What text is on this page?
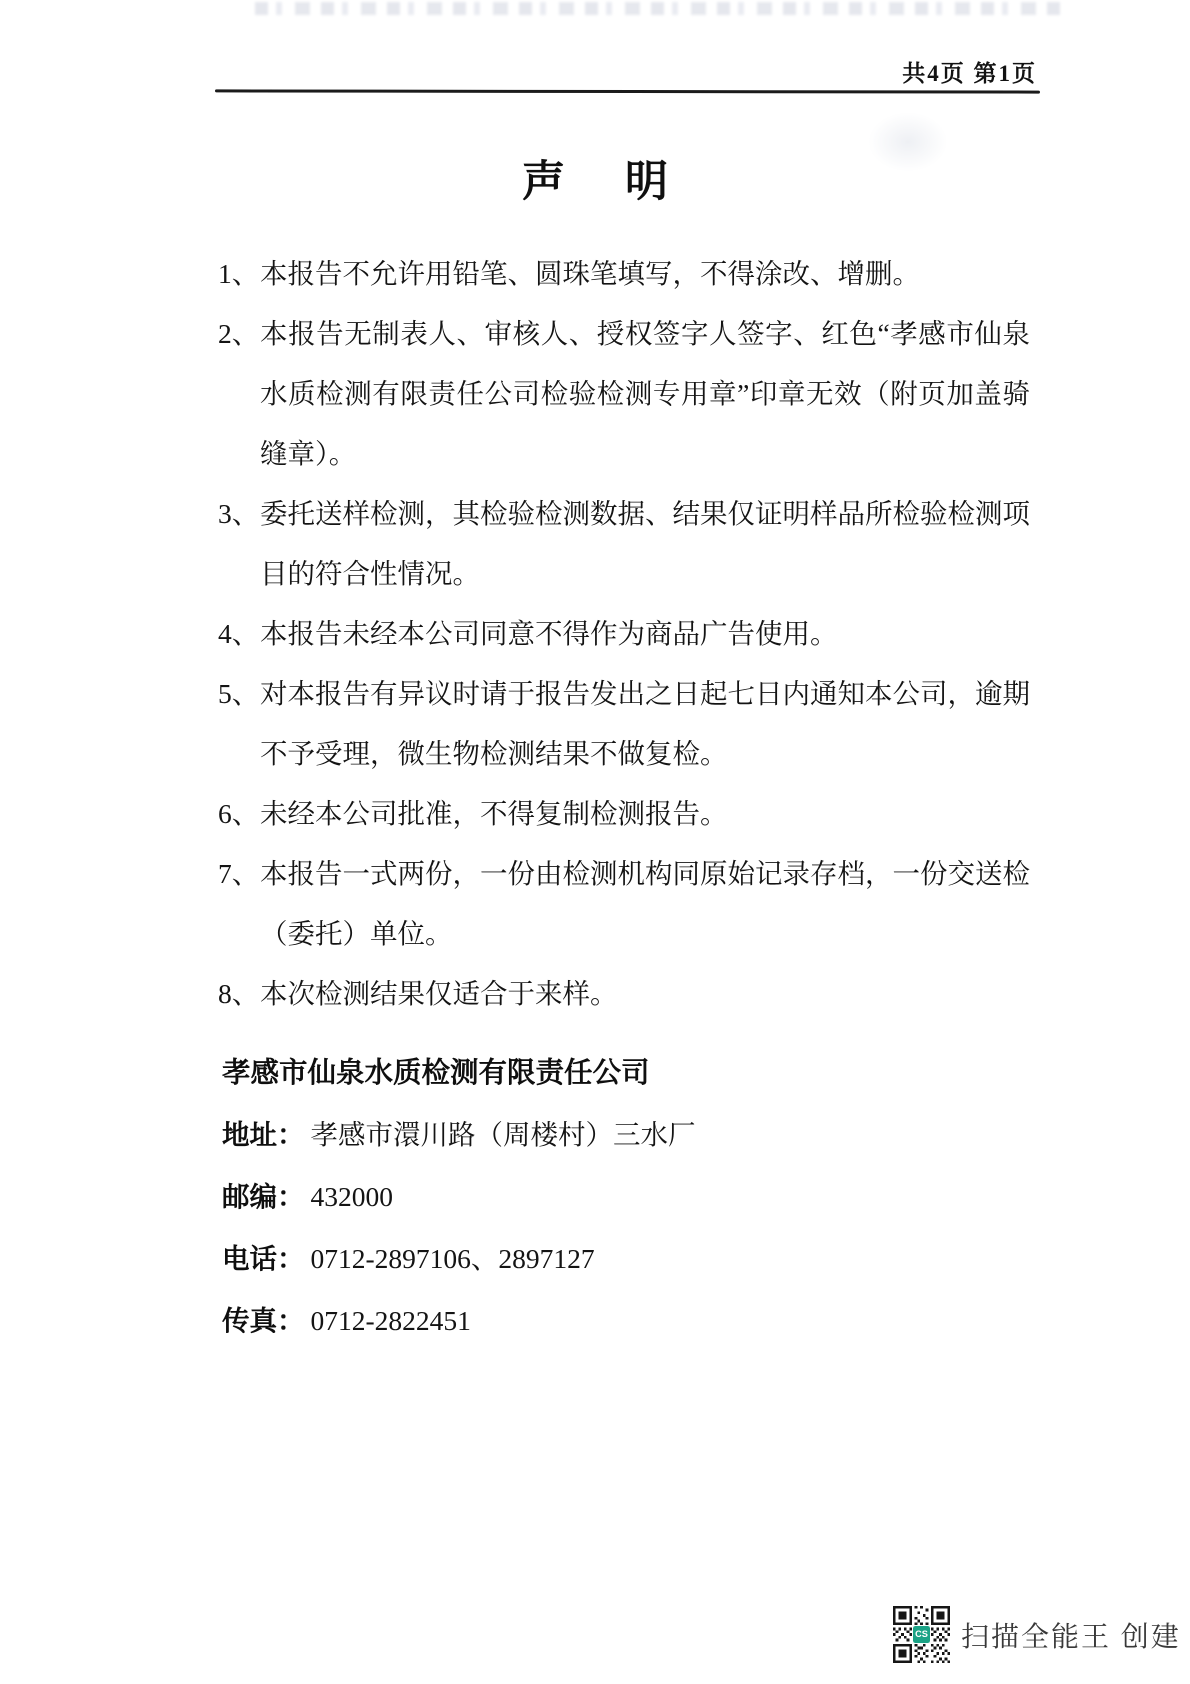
共4页 第1页
声明
1、 本报告不允许用铅笔、圆珠笔填写，不得涂改、增删。
2、 本报告无制表人、审核人、授权签字人签字、红色“孝感市仙泉
水质检测有限责任公司检验检测专用章”印章无效（附页加盖骑
缝章）。
3、 委托送样检测，其检验检测数据、结果仅证明样品所检验检测项
目的符合性情况。
4、 本报告未经本公司同意不得作为商品广告使用。
5、 对本报告有异议时请于报告发出之日起七日内通知本公司，逾期
不予受理，微生物检测结果不做复检。
6、 未经本公司批准，不得复制检测报告。
7、 本报告一式两份，一份由检测机构同原始记录存档，一份交送检
（委托）单位。
8、 本次检测结果仅适合于来样。
孝感市仙泉水质检测有限责任公司
地址： 孝感市澴川路（周楼村）三水厂
邮编： 432000
电话： 0712-2897106、2897127
传真： 0712-2822451
CS 扫描全能王 创建
